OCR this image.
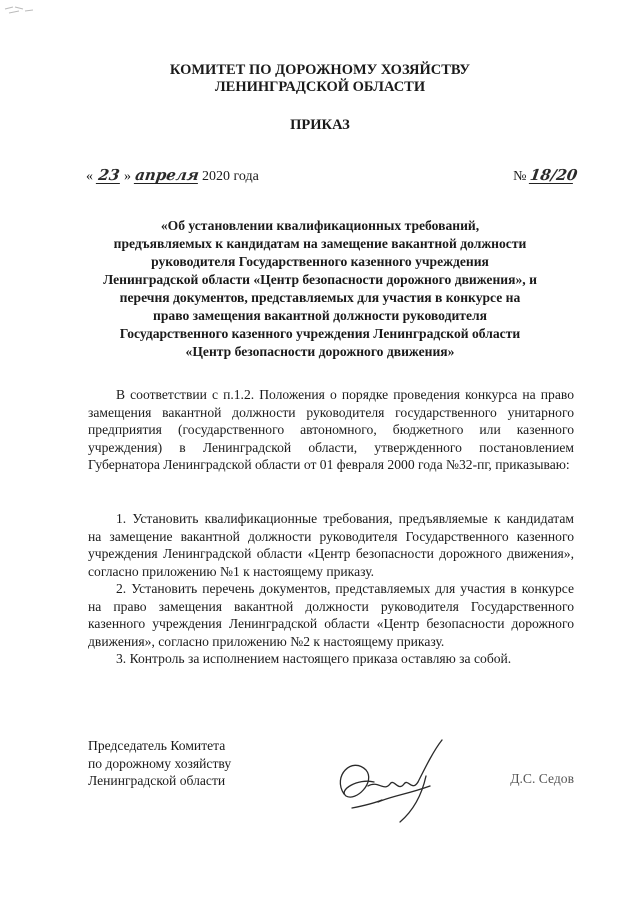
КОМИТЕТ ПО ДОРОЖНОМУ ХОЗЯЙСТВУ
ЛЕНИНГРАДСКОЙ ОБЛАСТИ
ПРИКАЗ
« 23 » апреля 2020 года	№ 18/20

«Об установлении квалификационных требований,

предъявляемых к кандидатам на замещение вакантной должности

руководителя Государственного казенного учреждения

Ленинградской области «Центр безопасности дорожного движения», и

перечня документов, представляемых для участия в конкурсе на

право замещения вакантной должности руководителя

Государственного казенного учреждения Ленинградской области

«Центр безопасности дорожного движения»

В соответствии с п.1.2. Положения о порядке проведения конкурса на право замещения вакантной должности руководителя государственного унитарного предприятия (государственного автономного, бюджетного или казенного учреждения) в Ленинградской области, утвержденного постановлением Губернатора Ленинградской области от 01 февраля 2000 года №32-пг, приказываю:

1. Установить квалификационные требования, предъявляемые к кандидатам на замещение вакантной должности руководителя Государственного казенного учреждения Ленинградской области «Центр безопасности дорожного движения», согласно приложению №1 к настоящему приказу.

2. Установить перечень документов, представляемых для участия в конкурсе на право замещения вакантной должности руководителя Государственного казенного учреждения Ленинградской области «Центр безопасности дорожного движения», согласно приложению №2 к настоящему приказу.

3. Контроль за исполнением настоящего приказа оставляю за собой.

Председатель Комитета
по дорожному хозяйству
Ленинградской области	Д.С. Седов
